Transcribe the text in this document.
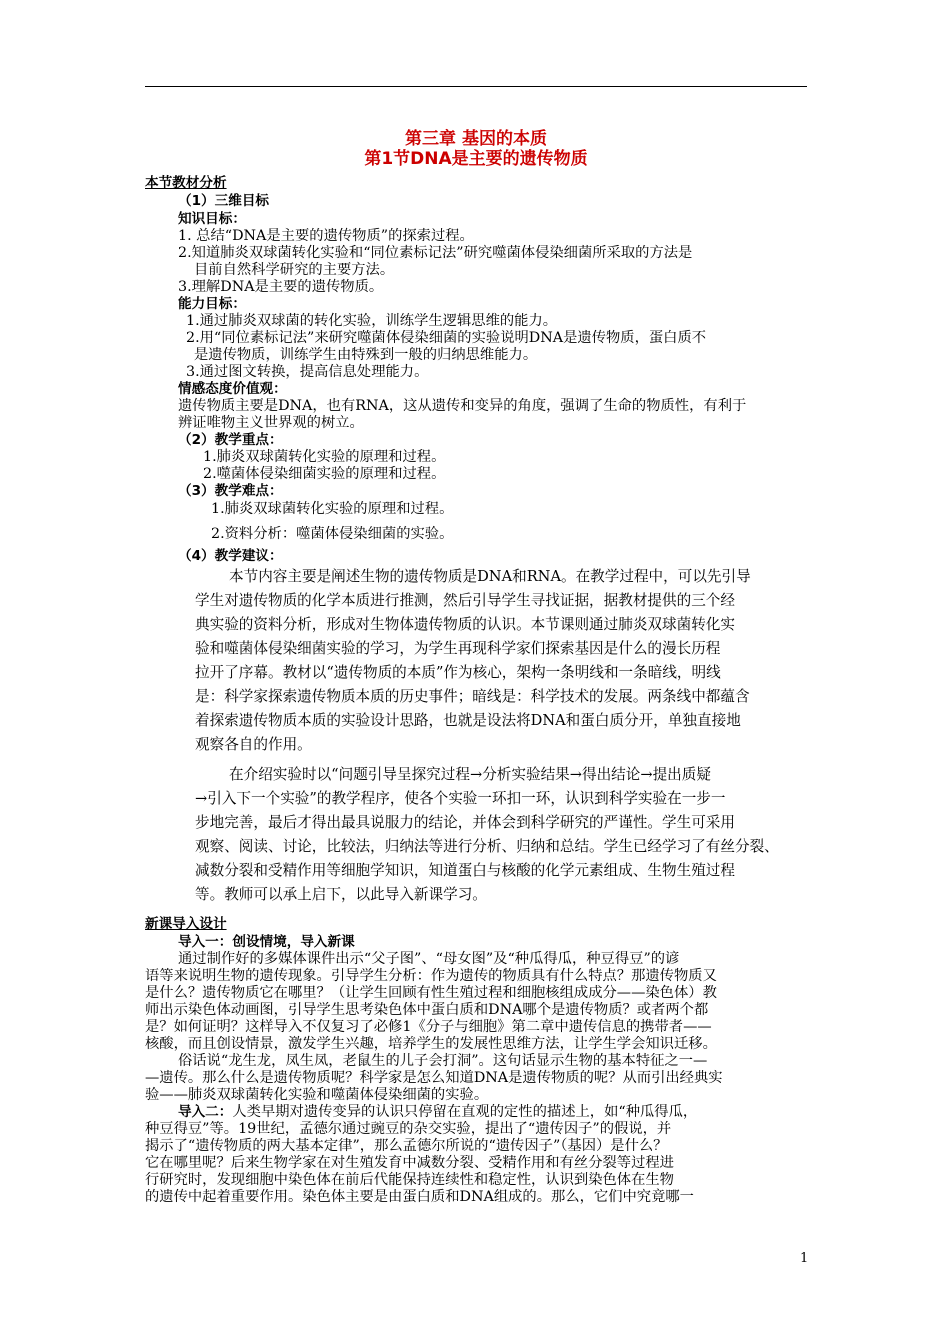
第三章 基因的本质
第1节DNA是主要的遗传物质
本节教材分析
（1）三维目标
知识目标：
1. 总结“DNA是主要的遗传物质”的探索过程。
2.知道肺炎双球菌转化实验和“同位素标记法”研究噬菌体侵染细菌所采取的方法是
目前自然科学研究的主要方法。
3.理解DNA是主要的遗传物质。
能力目标：
1.通过肺炎双球菌的转化实验，训练学生逻辑思维的能力。
2.用“同位素标记法”来研究噬菌体侵染细菌的实验说明DNA是遗传物质，蛋白质不
是遗传物质，训练学生由特殊到一般的归纳思维能力。
3.通过图文转换，提高信息处理能力。
情感态度价值观：
遗传物质主要是DNA，也有RNA，这从遗传和变异的角度，强调了生命的物质性，有利于
辨证唯物主义世界观的树立。
（2）教学重点：
1.肺炎双球菌转化实验的原理和过程。
2.噬菌体侵染细菌实验的原理和过程。
（3）教学难点：
1.肺炎双球菌转化实验的原理和过程。
2.资料分析：噬菌体侵染细菌的实验。
（4）教学建议：
本节内容主要是阐述生物的遗传物质是DNA和RNA。在教学过程中，可以先引导
学生对遗传物质的化学本质进行推测，然后引导学生寻找证据，据教材提供的三个经
典实验的资料分析，形成对生物体遗传物质的认识。本节课则通过肺炎双球菌转化实
验和噬菌体侵染细菌实验的学习，为学生再现科学家们探索基因是什么的漫长历程
拉开了序幕。教材以“遗传物质的本质”作为核心，架构一条明线和一条暗线，明线
是：科学家探索遗传物质本质的历史事件；暗线是：科学技术的发展。两条线中都蕴含
着探索遗传物质本质的实验设计思路，也就是设法将DNA和蛋白质分开，单独直接地
观察各自的作用。
在介绍实验时以“问题引导呈探究过程→分析实验结果→得出结论→提出质疑
→引入下一个实验”的教学程序，使各个实验一环扣一环，认识到科学实验在一步一
步地完善，最后才得出最具说服力的结论，并体会到科学研究的严谨性。学生可采用
观察、阅读、讨论，比较法，归纳法等进行分析、归纳和总结。学生已经学习了有丝分裂、
减数分裂和受精作用等细胞学知识，知道蛋白与核酸的化学元素组成、生物生殖过程
等。教师可以承上启下，以此导入新课学习。
新课导入设计
导入一：创设情境，导入新课
通过制作好的多媒体课件出示“父子图”、“母女图”及“种瓜得瓜，种豆得豆”的谚
语等来说明生物的遗传现象。引导学生分析：作为遗传的物质具有什么特点？那遗传物质又
是什么？遗传物质它在哪里？（让学生回顾有性生殖过程和细胞核组成成分——染色体）教
师出示染色体动画图，引导学生思考染色体中蛋白质和DNA哪个是遗传物质？或者两个都
是？如何证明？这样导入不仅复习了必修1《分子与细胞》第二章中遗传信息的携带者——
核酸，而且创设情景，激发学生兴趣，培养学生的发展性思维方法，让学生学会知识迁移。
俗话说“龙生龙，凤生凤，老鼠生的儿子会打洞”。这句话显示生物的基本特征之一—
—遗传。那么什么是遗传物质呢？科学家是怎么知道DNA是遗传物质的呢？从而引出经典实
验——肺炎双球菌转化实验和噬菌体侵染细菌的实验。
导入二：人类早期对遗传变异的认识只停留在直观的定性的描述上，如“种瓜得瓜，
种豆得豆”等。19世纪，孟德尔通过豌豆的杂交实验，提出了“遗传因子”的假说，并
揭示了“遗传物质的两大基本定律”，那么孟德尔所说的“遗传因子”（基因）是什么？
它在哪里呢？后来生物学家在对生殖发育中减数分裂、受精作用和有丝分裂等过程进
行研究时，发现细胞中染色体在前后代能保持连续性和稳定性，认识到染色体在生物
的遗传中起着重要作用。染色体主要是由蛋白质和DNA组成的。那么，它们中究竟哪一
1
